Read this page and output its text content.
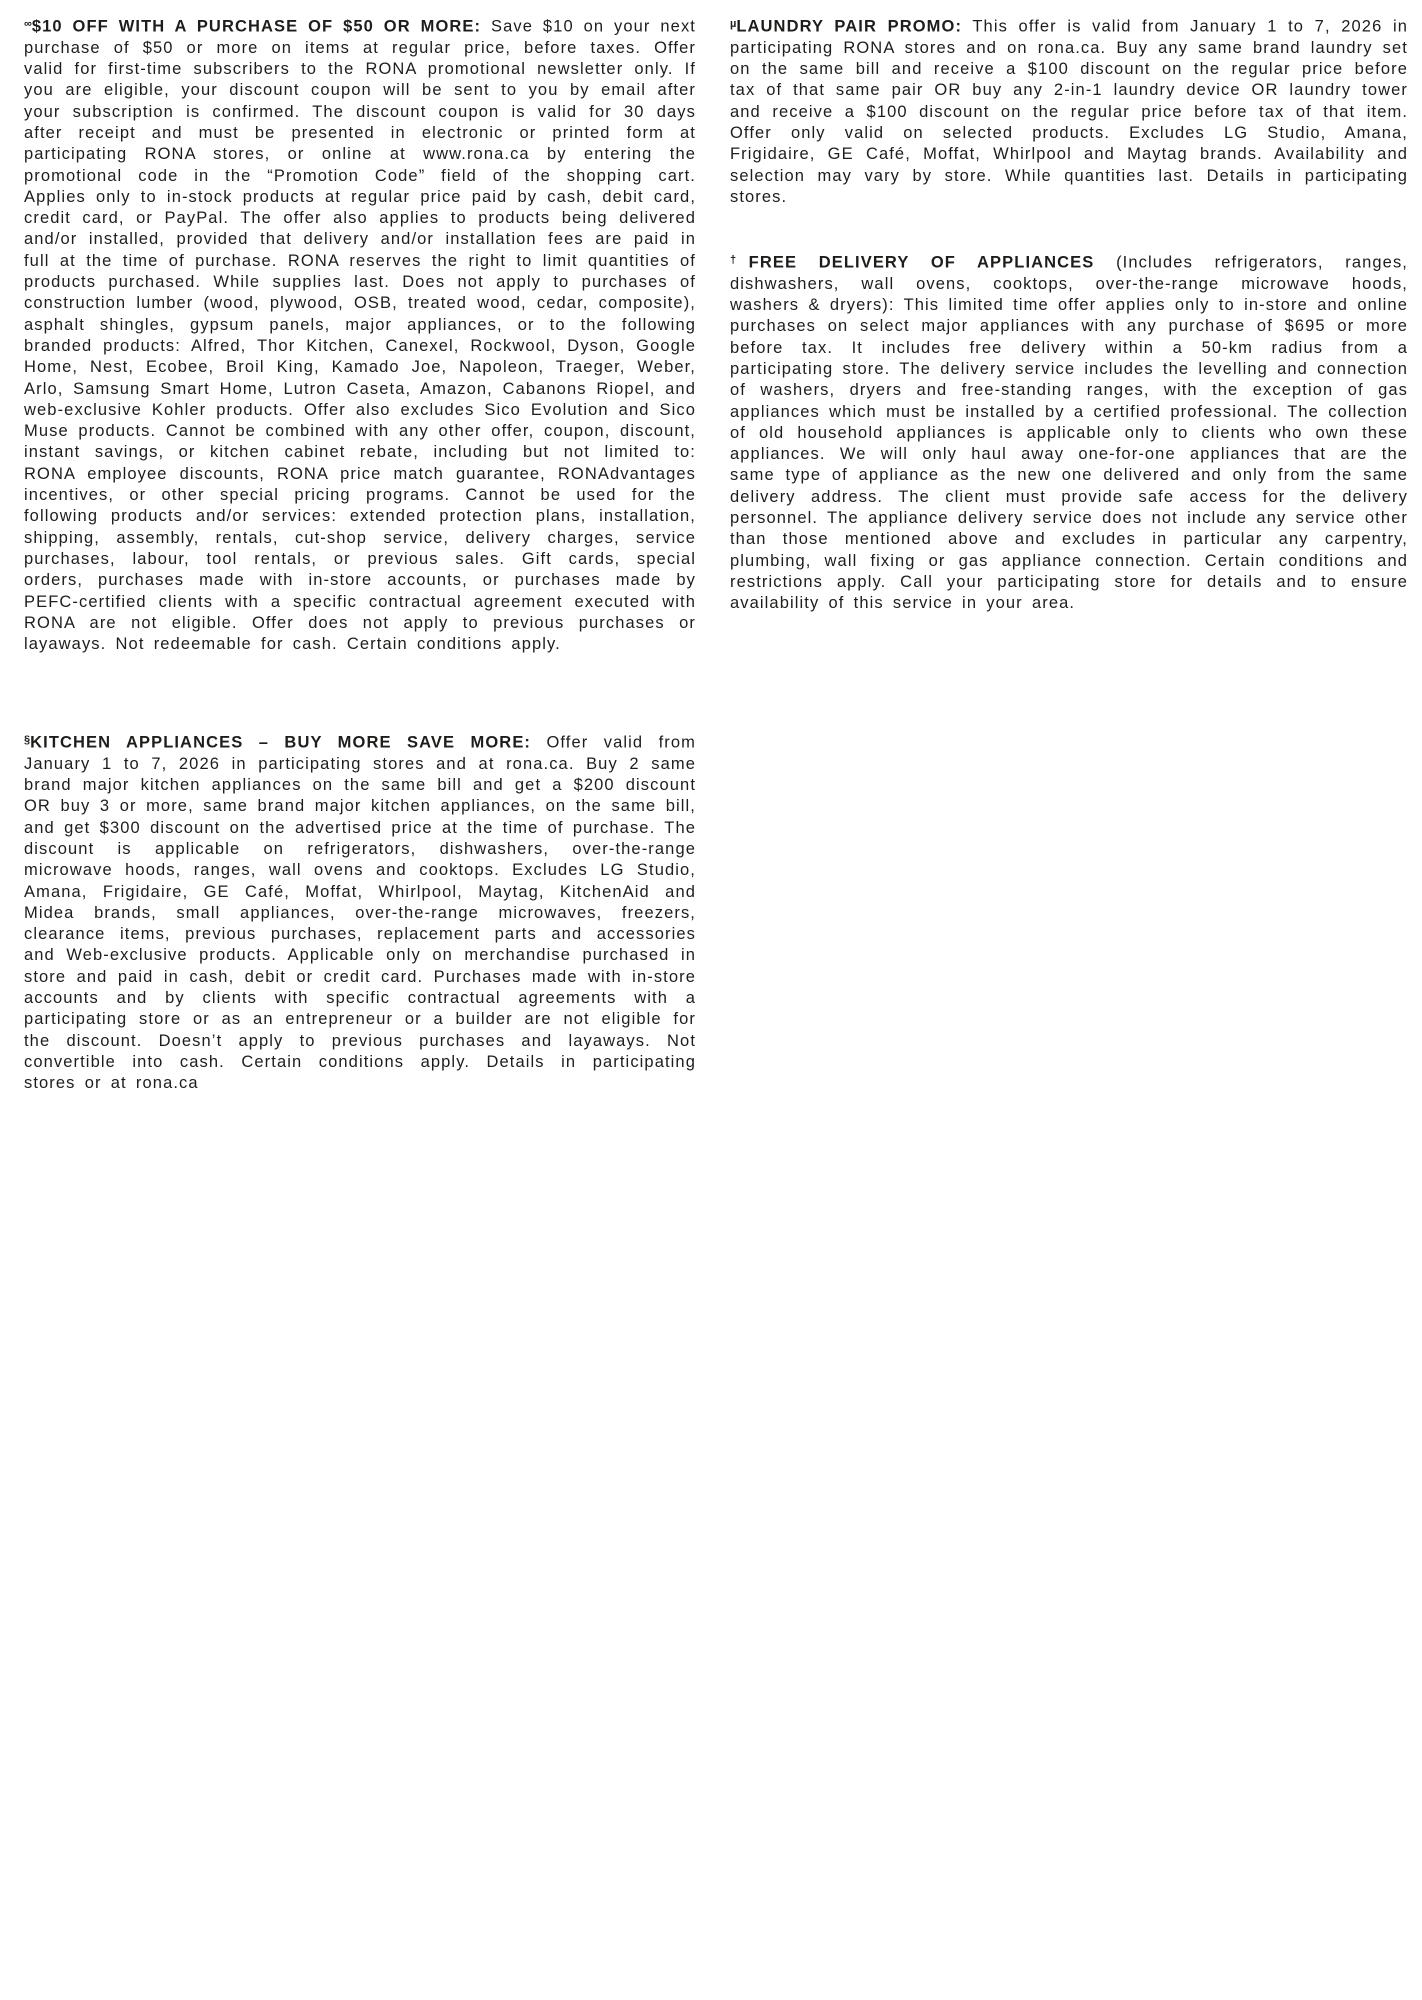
∞$10 OFF WITH A PURCHASE OF $50 OR MORE: Save $10 on your next purchase of $50 or more on items at regular price, before taxes. Offer valid for first-time subscribers to the RONA promotional newsletter only. If you are eligible, your discount coupon will be sent to you by email after your subscription is confirmed. The discount coupon is valid for 30 days after receipt and must be presented in electronic or printed form at participating RONA stores, or online at www.rona.ca by entering the promotional code in the “Promotion Code” field of the shopping cart. Applies only to in-stock products at regular price paid by cash, debit card, credit card, or PayPal. The offer also applies to products being delivered and/or installed, provided that delivery and/or installation fees are paid in full at the time of purchase. RONA reserves the right to limit quantities of products purchased. While supplies last. Does not apply to purchases of construction lumber (wood, plywood, OSB, treated wood, cedar, composite), asphalt shingles, gypsum panels, major appliances, or to the following branded products: Alfred, Thor Kitchen, Canexel, Rockwool, Dyson, Google Home, Nest, Ecobee, Broil King, Kamado Joe, Napoleon, Traeger, Weber, Arlo, Samsung Smart Home, Lutron Caseta, Amazon, Cabanons Riopel, and web-exclusive Kohler products. Offer also excludes Sico Evolution and Sico Muse products. Cannot be combined with any other offer, coupon, discount, instant savings, or kitchen cabinet rebate, including but not limited to: RONA employee discounts, RONA price match guarantee, RONAdvantages incentives, or other special pricing programs. Cannot be used for the following products and/or services: extended protection plans, installation, shipping, assembly, rentals, cut-shop service, delivery charges, service purchases, labour, tool rentals, or previous sales. Gift cards, special orders, purchases made with in-store accounts, or purchases made by PEFC-certified clients with a specific contractual agreement executed with RONA are not eligible. Offer does not apply to previous purchases or layaways. Not redeemable for cash. Certain conditions apply.

§KITCHEN APPLIANCES – BUY MORE SAVE MORE: Offer valid from January 1 to 7, 2026 in participating stores and at rona.ca. Buy 2 same brand major kitchen appliances on the same bill and get a $200 discount OR buy 3 or more, same brand major kitchen appliances, on the same bill, and get $300 discount on the advertised price at the time of purchase. The discount is applicable on refrigerators, dishwashers, over-the-range microwave hoods, ranges, wall ovens and cooktops. Excludes LG Studio, Amana, Frigidaire, GE Café, Moffat, Whirlpool, Maytag, KitchenAid and Midea brands, small appliances, over-the-range microwaves, freezers, clearance items, previous purchases, replacement parts and accessories and Web-exclusive products. Applicable only on merchandise purchased in store and paid in cash, debit or credit card. Purchases made with in-store accounts and by clients with specific contractual agreements with a participating store or as an entrepreneur or a builder are not eligible for the discount. Doesn’t apply to previous purchases and layaways. Not convertible into cash. Certain conditions apply. Details in participating stores or at rona.ca

$^\mu$LAUNDRY PAIR PROMO: This offer is valid from January 1 to 7, 2026 in participating RONA stores and on rona.ca. Buy any same brand laundry set on the same bill and receive a $100 discount on the regular price before tax of that same pair OR buy any 2-in-1 laundry device OR laundry tower and receive a $100 discount on the regular price before tax of that item. Offer only valid on selected products. Excludes LG Studio, Amana, Frigidaire, GE Café, Moffat, Whirlpool and Maytag brands. Availability and selection may vary by store. While quantities last. Details in participating stores.

†FREE DELIVERY OF APPLIANCES (Includes refrigerators, ranges, dishwashers, wall ovens, cooktops, over-the-range microwave hoods, washers & dryers): This limited time offer applies only to in-store and online purchases on select major appliances with any purchase of $695 or more before tax. It includes free delivery within a 50-km radius from a participating store. The delivery service includes the levelling and connection of washers, dryers and free-standing ranges, with the exception of gas appliances which must be installed by a certified professional. The collection of old household appliances is applicable only to clients who own these appliances. We will only haul away one-for-one appliances that are the same type of appliance as the new one delivered and only from the same delivery address. The client must provide safe access for the delivery personnel. The appliance delivery service does not include any service other than those mentioned above and excludes in particular any carpentry, plumbing, wall fixing or gas appliance connection. Certain conditions and restrictions apply. Call your participating store for details and to ensure availability of this service in your area.
